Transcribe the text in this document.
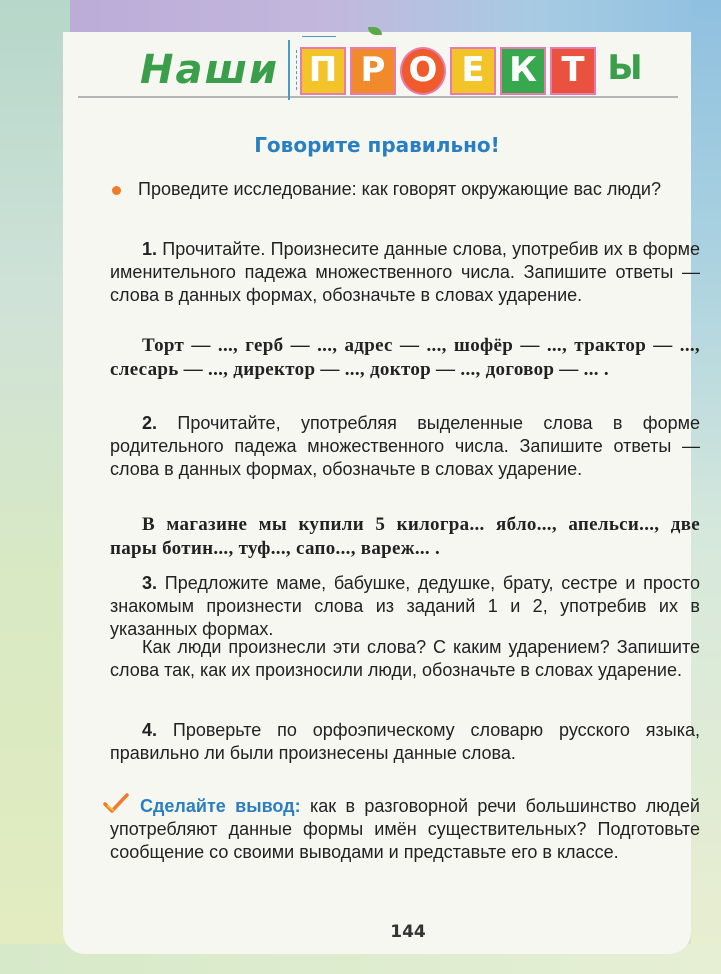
Наши П Р О Е К Т Ы
Говорите правильно!
Проведите исследование: как говорят окружающие вас люди?
1. Прочитайте. Произнесите данные слова, употребив их в форме именительного падежа множественного числа. Запишите ответы — слова в данных формах, обозначьте в словах ударение.
Торт — ..., герб — ..., адрес — ..., шофёр — ..., трактор — ..., слесарь — ..., директор — ..., доктор — ..., договор — ... .
2. Прочитайте, употребляя выделенные слова в форме родительного падежа множественного числа. Запишите ответы — слова в данных формах, обозначьте в словах ударение.
В магазине мы купили 5 килогра... ябло..., апельси..., две пары ботин..., туф..., сапо..., вареж... .
3. Предложите маме, бабушке, дедушке, брату, сестре и просто знакомым произнести слова из заданий 1 и 2, употребив их в указанных формах.
Как люди произнесли эти слова? С каким ударением? Запишите слова так, как их произносили люди, обозначьте в словах ударение.
4. Проверьте по орфоэпическому словарю русского языка, правильно ли были произнесены данные слова.
Сделайте вывод: как в разговорной речи большинство людей употребляют данные формы имён существительных? Подготовьте сообщение со своими выводами и представьте его в классе.
144
